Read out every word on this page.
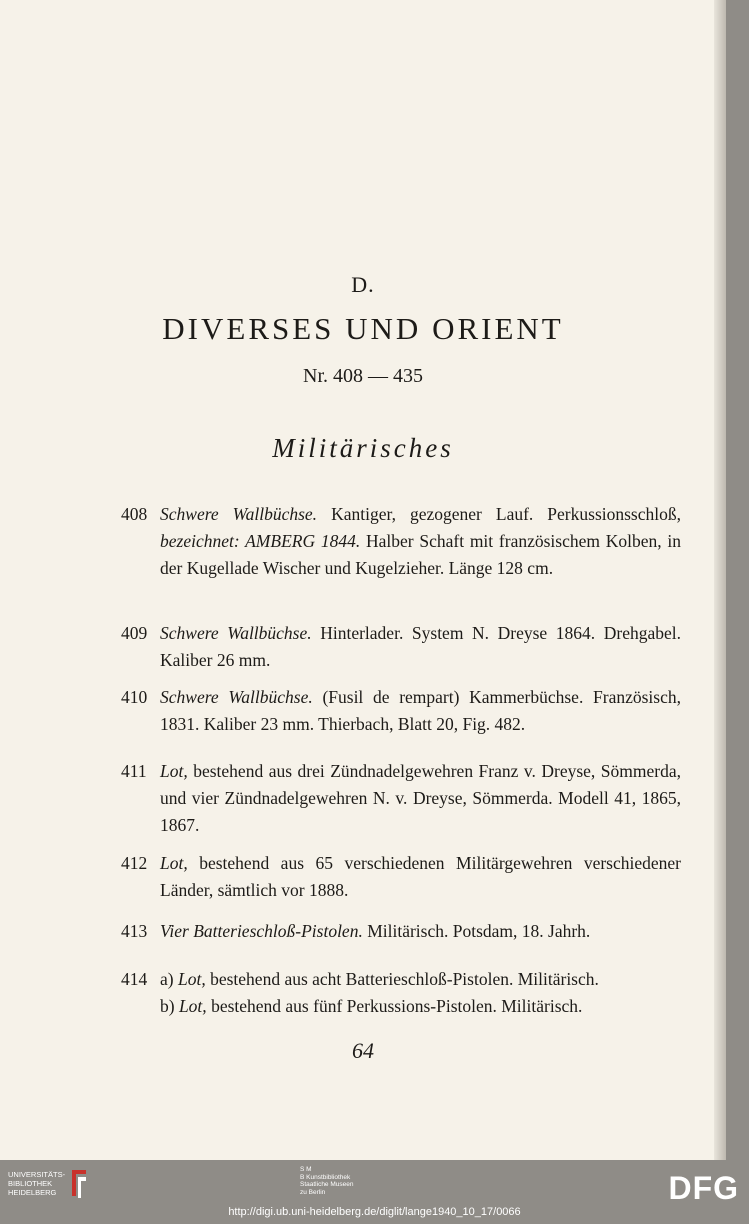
D.
DIVERSES UND ORIENT
Nr. 408 — 435
Militärisches
408 Schwere Wallbüchse. Kantiger, gezogener Lauf. Perkussionsschloß, bezeichnet: AMBERG 1844. Halber Schaft mit französischem Kolben, in der Kugellade Wischer und Kugelzieher. Länge 128 cm.
409 Schwere Wallbüchse. Hinterlader. System N. Dreyse 1864. Drehgabel. Kaliber 26 mm.
410 Schwere Wallbüchse. (Fusil de rempart) Kammerbüchse. Französisch, 1831. Kaliber 23 mm. Thierbach, Blatt 20, Fig. 482.
411 Lot, bestehend aus drei Zündnadelgewehren Franz v. Dreyse, Sömmerda, und vier Zündnadelgewehren N. v. Dreyse, Sömmerda. Modell 41, 1865, 1867.
412 Lot, bestehend aus 65 verschiedenen Militärgewehren verschiedener Länder, sämtlich vor 1888.
413 Vier Batterieschloß-Pistolen. Militärisch. Potsdam, 18. Jahrh.
414 a) Lot, bestehend aus acht Batterieschloß-Pistolen. Militärisch.
b) Lot, bestehend aus fünf Perkussions-Pistolen. Militärisch.
64
UNIVERSITÄTS-
BIBLIOTHEK
HEIDELBERG
S M
B Kunstbibliothek
Staatliche Museen
zu Berlin	DFG
http://digi.ub.uni-heidelberg.de/diglit/lange1940_10_17/0066
